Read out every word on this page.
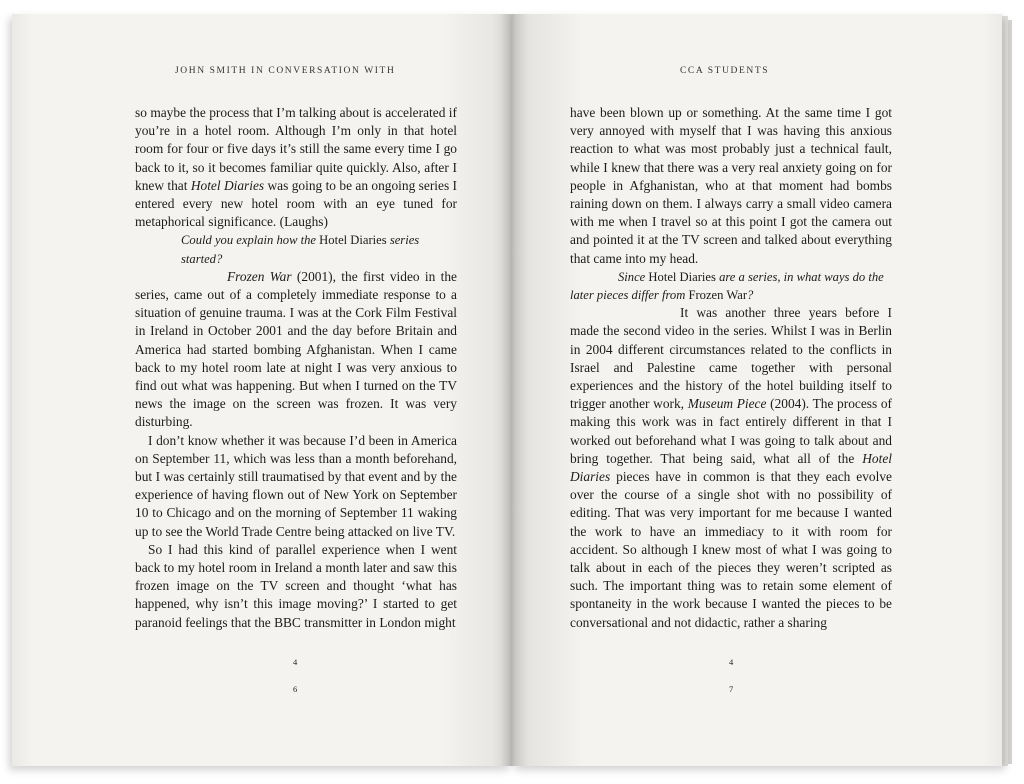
JOHN SMITH IN CONVERSATION WITH

so maybe the process that I’m talking about is accelerated if you’re in a hotel room. Although I’m only in that hotel room for four or five days it’s still the same every time I go back to it, so it becomes familiar quite quickly. Also, after I knew that Hotel Diaries was going to be an ongoing series I entered every new hotel room with an eye tuned for metaphorical significance. (Laughs)

Could you explain how the Hotel Diaries series started?

Frozen War (2001), the first video in the series, came out of a completely immediate response to a situation of genuine trauma. I was at the Cork Film Festival in Ireland in October 2001 and the day before Britain and America had started bombing Afghanistan. When I came back to my hotel room late at night I was very anxious to find out what was happening. But when I turned on the TV news the image on the screen was frozen. It was very disturbing.

I don’t know whether it was because I’d been in America on September 11, which was less than a month beforehand, but I was certainly still traumatised by that event and by the experience of having flown out of New York on September 10 to Chicago and on the morning of September 11 waking up to see the World Trade Centre being attacked on live TV.

So I had this kind of parallel experience when I went back to my hotel room in Ireland a month later and saw this frozen image on the TV screen and thought ‘what has happened, why isn’t this image moving?’ I started to get paranoid feelings that the BBC transmitter in London might

4
6
CCA STUDENTS

have been blown up or something. At the same time I got very annoyed with myself that I was having this anxious reaction to what was most probably just a technical fault, while I knew that there was a very real anxiety going on for people in Afghanistan, who at that moment had bombs raining down on them. I always carry a small video camera with me when I travel so at this point I got the camera out and pointed it at the TV screen and talked about everything that came into my head.

Since Hotel Diaries are a series, in what ways do the later pieces differ from Frozen War?

It was another three years before I made the second video in the series. Whilst I was in Berlin in 2004 different circumstances related to the conflicts in Israel and Palestine came together with personal experiences and the history of the hotel building itself to trigger another work, Museum Piece (2004). The process of making this work was in fact entirely different in that I worked out beforehand what I was going to talk about and bring together. That being said, what all of the Hotel Diaries pieces have in common is that they each evolve over the course of a single shot with no possibility of editing. That was very important for me because I wanted the work to have an immediacy to it with room for accident. So although I knew most of what I was going to talk about in each of the pieces they weren’t scripted as such. The important thing was to retain some element of spontaneity in the work because I wanted the pieces to be conversational and not didactic, rather a sharing

4
7
